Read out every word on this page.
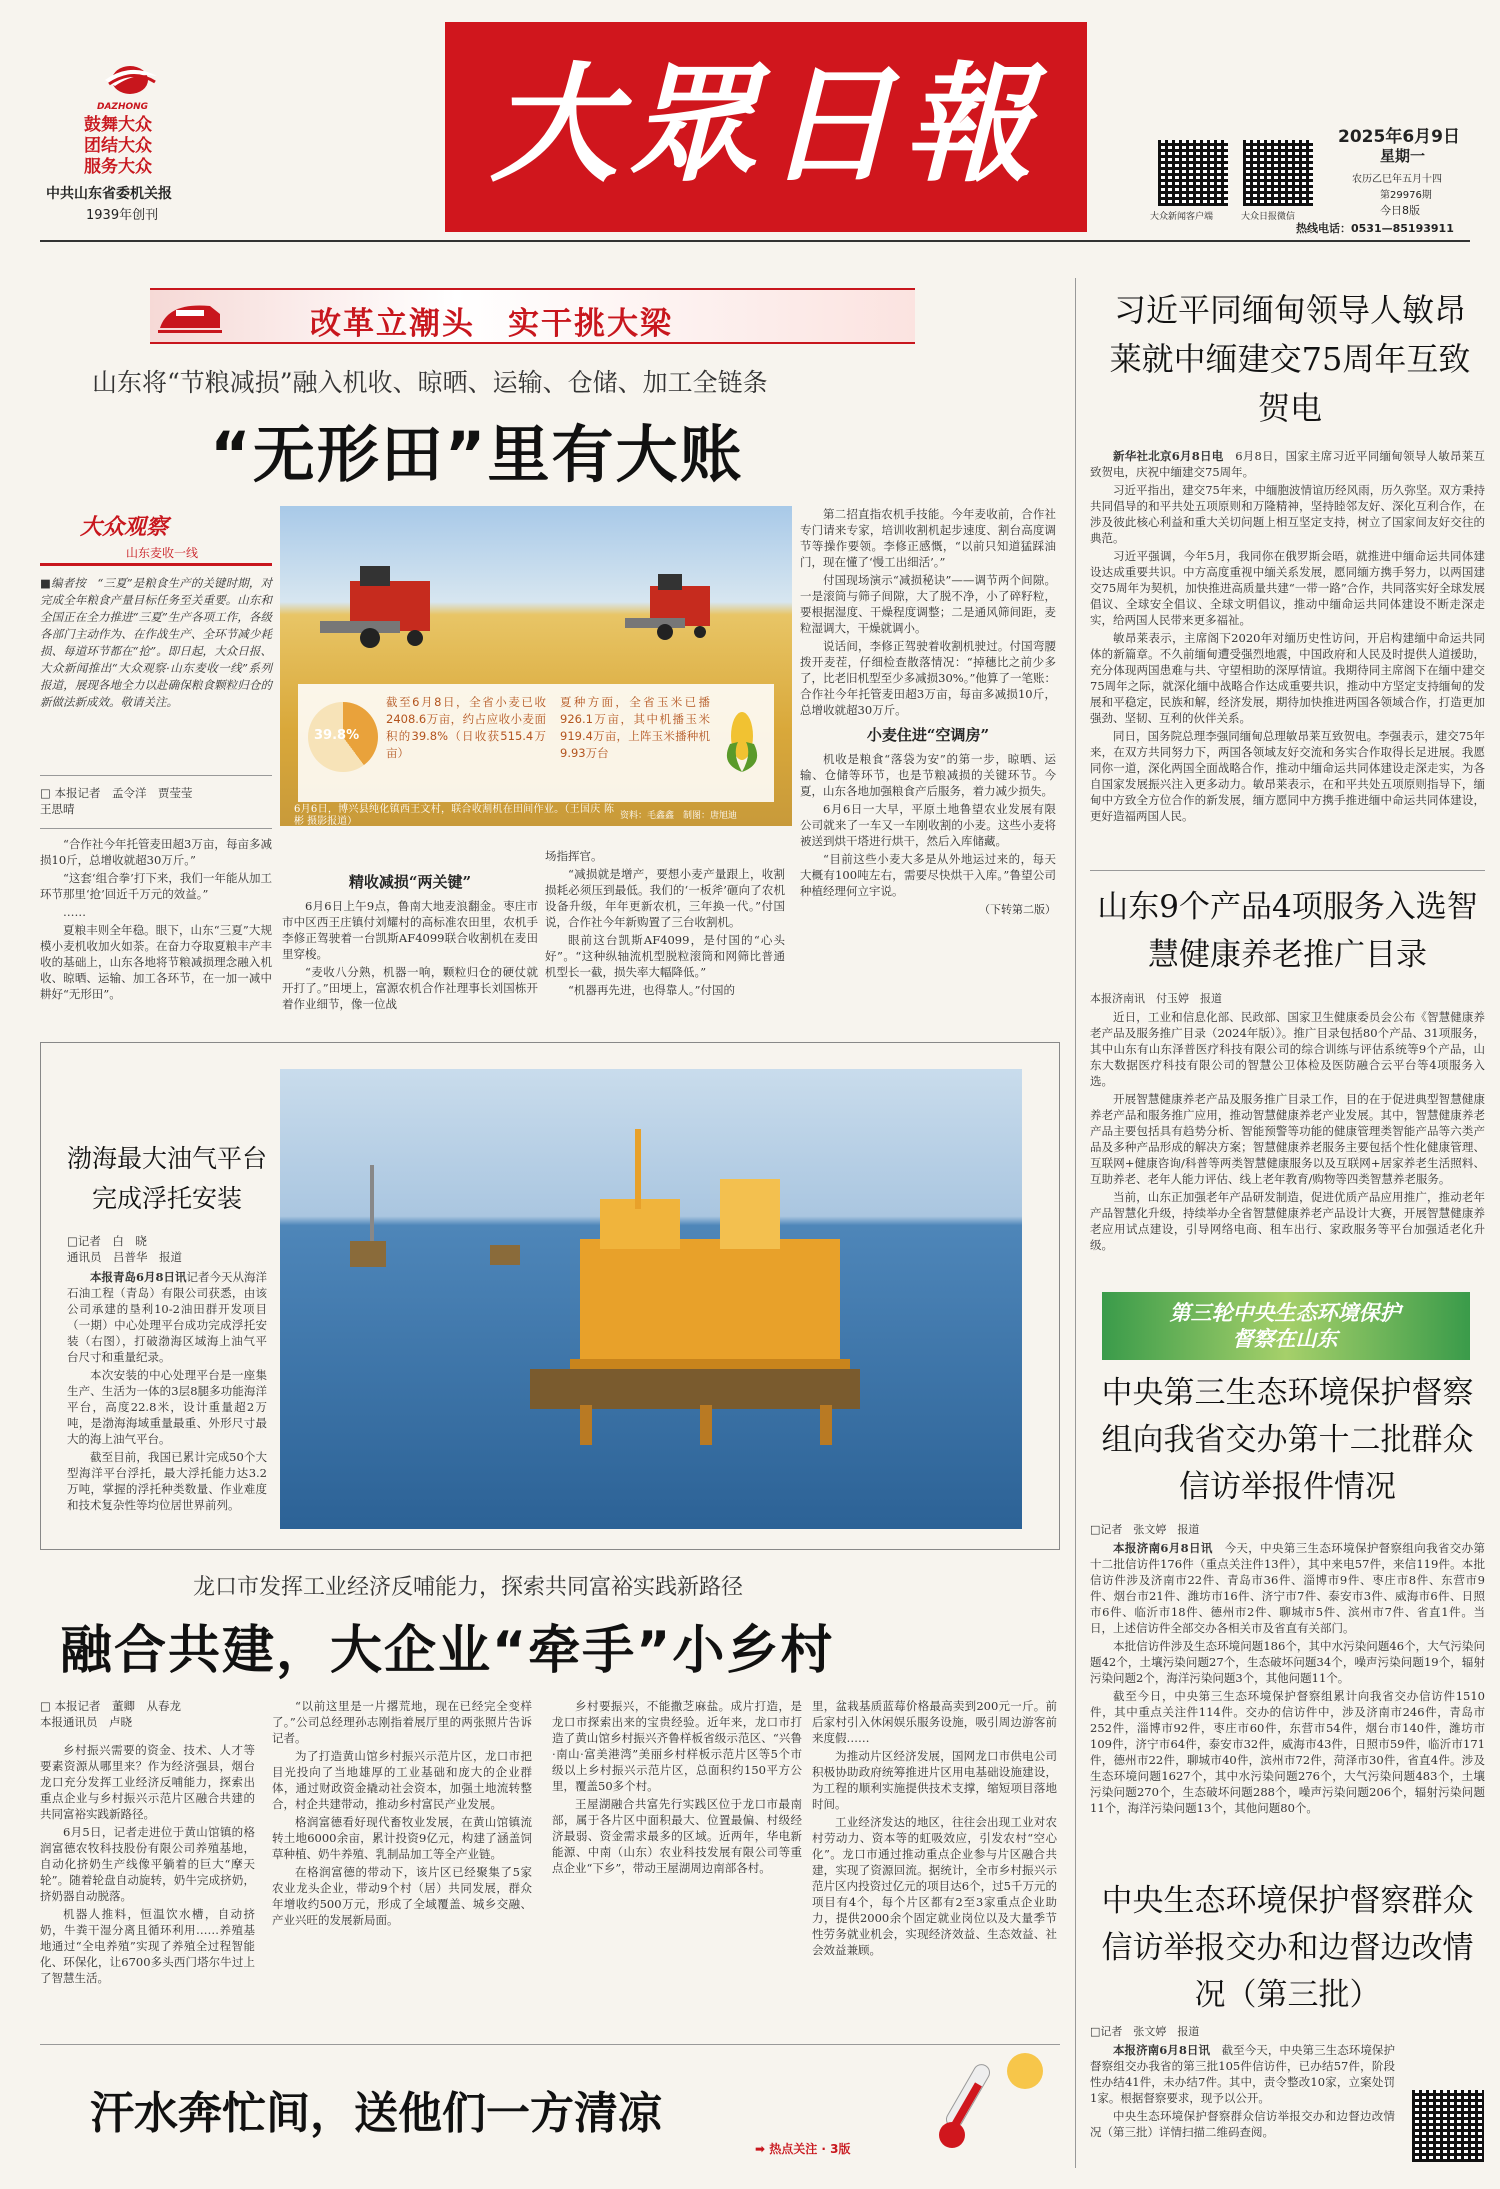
DAZHONG
鼓舞大众
团结大众
服务大众
中共山东省委机关报
1939年创刊
大眾日報
大众新闻客户端	大众日报微信
2025年6月9日
星期一
农历乙巳年五月十四
第29976期
今日8版
热线电话：0531—85193911
改革立潮头　实干挑大梁
山东将“节粮减损”融入机收、晾晒、运输、仓储、加工全链条
“无形田”里有大账
大众观察
山东麦收一线
■编者按　“三夏”是粮食生产的关键时期，对完成全年粮食产量目标任务至关重要。山东和全国正在全力推进“三夏”生产各项工作，各级各部门主动作为、在作战生产、全环节减少耗损、每道环节都在“抢”。即日起，大众日报、大众新闻推出“大众观察·山东麦收一线”系列报道，展现各地全力以赴确保粮食颗粒归仓的新做法新成效。敬请关注。
□ 本报记者　孟令洋　贾莹莹
王思晴
39.8%
截至6月8日，全省小麦已收2408.6万亩，约占应收小麦面积的39.8%（日收获515.4万亩）
夏种方面，全省玉米已播926.1万亩，其中机播玉米919.4万亩，上阵玉米播种机9.93万台
6月6日，博兴县纯化镇西王文村，联合收割机在田间作业。（王国庆 陈彬 摄影报道）	资料：毛鑫鑫　制图：唐旭迪

“合作社今年托管麦田超3万亩，每亩多减损10斤，总增收就超30万斤。”

“这套‘组合拳’打下来，我们一年能从加工环节那里‘抢’回近千万元的效益。”

……

夏粮丰则全年稳。眼下，山东“三夏”大规模小麦机收加火如荼。在奋力夺取夏粮丰产丰收的基础上，山东各地将节粮减损理念融入机收、晾晒、运输、加工各环节，在一加一减中耕好“无形田”。

精收减损“两关键”

6月6日上午9点，鲁南大地麦浪翻金。枣庄市市中区西王庄镇付刘耀村的高标准农田里，农机手李修正驾驶着一台凯斯AF4099联合收割机在麦田里穿梭。

“麦收八分熟，机器一响，颗粒归仓的硬仗就开打了。”田埂上，富源农机合作社理事长刘国栋开着作业细节，像一位战

场指挥官。

“减损就是增产，要想小麦产量跟上，收割损耗必须压到最低。我们的‘一板斧’砸向了农机设备升级，年年更新农机，三年换一代。”付国说，合作社今年新购置了三台收割机。

眼前这台凯斯AF4099，是付国的“心头好”。“这种纵轴流机型脱粒滚筒和网筛比普通机型长一截，损失率大幅降低。”

“机器再先进，也得靠人。”付国的

第二招直指农机手技能。今年麦收前，合作社专门请来专家，培训收割机起步速度、割台高度调节等操作要领。李修正感慨，“以前只知道猛踩油门，现在懂了‘慢工出细活’。”

付国现场演示“减损秘诀”——调节两个间隙。一是滚筒与筛子间隙，大了脱不净，小了碎籽粒，要根据湿度、干燥程度调整；二是通风筛间距，麦粒湿调大，干燥就调小。

说话间，李修正驾驶着收割机驶过。付国弯腰拨开麦茬，仔细检查散落情况：“掉穗比之前少多了，比老旧机型至少多减损30%。”他算了一笔账：合作社今年托管麦田超3万亩，每亩多减损10斤，总增收就超30万斤。

小麦住进“空调房”

机收是粮食“落袋为安”的第一步，晾晒、运输、仓储等环节，也是节粮减损的关键环节。今夏，山东各地加强粮食产后服务，着力减少损失。

6月6日一大早，平原土地鲁望农业发展有限公司就来了一车又一车刚收割的小麦。这些小麦将被送到烘干塔进行烘干，然后入库储藏。

“目前这些小麦大多是从外地运过来的，每天大概有100吨左右，需要尽快烘干入库。”鲁望公司种植经理何立宇说。

（下转第二版）
渤海最大油气平台完成浮托安装
□记者　白　晓
通讯员　吕普华　报道

本报青岛6月8日讯记者今天从海洋石油工程（青岛）有限公司获悉，由该公司承建的垦利10-2油田群开发项目（一期）中心处理平台成功完成浮托安装（右图），打破渤海区域海上油气平台尺寸和重量纪录。

本次安装的中心处理平台是一座集生产、生活为一体的3层8腿多功能海洋平台，高度22.8米，设计重量超2万吨，是渤海海域重量最重、外形尺寸最大的海上油气平台。

截至目前，我国已累计完成50个大型海洋平台浮托，最大浮托能力达3.2万吨，掌握的浮托种类数量、作业难度和技术复杂性等均位居世界前列。

龙口市发挥工业经济反哺能力，探索共同富裕实践新路径
融合共建，大企业“牵手”小乡村
□ 本报记者　董卿　从春龙
本报通讯员　卢晓

乡村振兴需要的资金、技术、人才等要素资源从哪里来？作为经济强县，烟台龙口充分发挥工业经济反哺能力，探索出重点企业与乡村振兴示范片区融合共建的共同富裕实践新路径。

6月5日，记者走进位于黄山馆镇的格润富德农牧科技股份有限公司养殖基地，自动化挤奶生产线像平躺着的巨大“摩天轮”。随着轮盘自动旋转，奶牛完成挤奶，挤奶器自动脱落。

机器人推料，恒温饮水槽，自动挤奶，牛粪干湿分离且循环利用……养殖基地通过“全电养殖”实现了养殖全过程智能化、环保化，让6700多头西门塔尔牛过上了智慧生活。

“以前这里是一片撂荒地，现在已经完全变样了。”公司总经理孙志刚指着展厅里的两张照片告诉记者。

为了打造黄山馆乡村振兴示范片区，龙口市把目光投向了当地雄厚的工业基础和庞大的企业群体，通过财政资金撬动社会资本，加强土地流转整合，村企共建带动，推动乡村富民产业发展。

格润富德看好现代畜牧业发展，在黄山馆镇流转土地6000余亩，累计投资9亿元，构建了涵盖饲草种植、奶牛养殖、乳制品加工等全产业链。

在格润富德的带动下，该片区已经聚集了5家农业龙头企业，带动9个村（居）共同发展，群众年增收约500万元，形成了全域覆盖、城乡交融、产业兴旺的发展新局面。

乡村要振兴，不能撒芝麻盐。成片打造，是龙口市探索出来的宝贵经验。近年来，龙口市打造了黄山馆乡村振兴齐鲁样板省级示范区、“兴鲁·南山·富美港湾”美丽乡村样板示范片区等5个市级以上乡村振兴示范片区，总面积约150平方公里，覆盖50多个村。

王屋湖融合共富先行实践区位于龙口市最南部，属于各片区中面积最大、位置最偏、村级经济最弱、资金需求最多的区域。近两年，华电新能源、中南（山东）农业科技发展有限公司等重点企业“下乡”，带动王屋湖周边南部各村。

里，盆栽基质蓝莓价格最高卖到200元一斤。前后家村引入休闲娱乐服务设施，吸引周边游客前来度假……

为推动片区经济发展，国网龙口市供电公司积极协助政府统筹推进片区用电基础设施建设，为工程的顺利实施提供技术支撑，缩短项目落地时间。

工业经济发达的地区，往往会出现工业对农村劳动力、资本等的虹吸效应，引发农村“空心化”。龙口市通过推动重点企业参与片区融合共建，实现了资源回流。据统计，全市乡村振兴示范片区内投资过亿元的项目达6个，过5千万元的项目有4个，每个片区都有2至3家重点企业助力，提供2000余个固定就业岗位以及大量季节性劳务就业机会，实现经济效益、生态效益、社会效益兼顾。

汗水奔忙间，送他们一方清凉
➡ 热点关注 · 3版
习近平同缅甸领导人敏昂莱就中缅建交75周年互致贺电

新华社北京6月8日电　 6月8日，国家主席习近平同缅甸领导人敏昂莱互致贺电，庆祝中缅建交75周年。

习近平指出，建交75年来，中缅胞波情谊历经风雨，历久弥坚。双方秉持共同倡导的和平共处五项原则和万隆精神，坚持睦邻友好、深化互利合作，在涉及彼此核心利益和重大关切问题上相互坚定支持，树立了国家间友好交往的典范。

习近平强调，今年5月，我同你在俄罗斯会晤，就推进中缅命运共同体建设达成重要共识。中方高度重视中缅关系发展，愿同缅方携手努力，以两国建交75周年为契机，加快推进高质量共建“一带一路”合作，共同落实好全球发展倡议、全球安全倡议、全球文明倡议，推动中缅命运共同体建设不断走深走实，给两国人民带来更多福祉。

敏昂莱表示，主席阁下2020年对缅历史性访问，开启构建缅中命运共同体的新篇章。不久前缅甸遭受强烈地震，中国政府和人民及时提供人道援助，充分体现两国患难与共、守望相助的深厚情谊。我期待同主席阁下在缅中建交75周年之际，就深化缅中战略合作达成重要共识，推动中方坚定支持缅甸的发展和平稳定，民族和解，经济发展，期待加快推进两国各领域合作，打造更加强劲、坚韧、互利的伙伴关系。

同日，国务院总理李强同缅甸总理敏昂莱互致贺电。李强表示，建交75年来，在双方共同努力下，两国各领域友好交流和务实合作取得长足进展。我愿同你一道，深化两国全面战略合作，推动中缅命运共同体建设走深走实，为各自国家发展振兴注入更多动力。敏昂莱表示，在和平共处五项原则指导下，缅甸中方致全方位合作的新发展，缅方愿同中方携手推进缅中命运共同体建设，更好造福两国人民。

山东9个产品4项服务入选智慧健康养老推广目录
本报济南讯　付玉婷　报道

近日，工业和信息化部、民政部、国家卫生健康委员会公布《智慧健康养老产品及服务推广目录（2024年版）》。推广目录包括80个产品、31项服务，其中山东有山东泽普医疗科技有限公司的综合训练与评估系统等9个产品，山东大数据医疗科技有限公司的智慧公卫体检及医防融合云平台等4项服务入选。

开展智慧健康养老产品及服务推广目录工作，目的在于促进典型智慧健康养老产品和服务推广应用，推动智慧健康养老产业发展。其中，智慧健康养老产品主要包括具有趋势分析、智能预警等功能的健康管理类智能产品等六类产品及多种产品形成的解决方案；智慧健康养老服务主要包括个性化健康管理、互联网+健康咨询/科普等两类智慧健康服务以及互联网+居家养老生活照料、互助养老、老年人能力评估、线上老年教育/购物等四类智慧养老服务。

当前，山东正加强老年产品研发制造，促进优质产品应用推广，推动老年产品智慧化升级，持续举办全省智慧健康养老产品设计大赛，开展智慧健康养老应用试点建设，引导网络电商、租车出行、家政服务等平台加强适老化升级。

第三轮中央生态环境保护督察在山东
中央第三生态环境保护督察组向我省交办第十二批群众信访举报件情况
□记者　张文婷　报道

本报济南6月8日讯　 今天，中央第三生态环境保护督察组向我省交办第十二批信访件176件（重点关注件13件），其中来电57件，来信119件。本批信访件涉及济南市22件、青岛市36件、淄博市9件、枣庄市8件、东营市9件、烟台市21件、潍坊市16件、济宁市7件、泰安市3件、威海市6件、日照市6件、临沂市18件、德州市2件、聊城市5件、滨州市7件、省直1件。当日，上述信访件全部交办各相关市及省直有关部门。

本批信访件涉及生态环境问题186个，其中水污染问题46个，大气污染问题42个，土壤污染问题27个，生态破坏问题34个，噪声污染问题19个，辐射污染问题2个，海洋污染问题3个，其他问题11个。

截至今日，中央第三生态环境保护督察组累计向我省交办信访件1510件，其中重点关注件114件。交办的信访件中，涉及济南市246件，青岛市252件，淄博市92件，枣庄市60件，东营市54件，烟台市140件，潍坊市109件，济宁市64件，泰安市32件，威海市43件，日照市59件，临沂市171件，德州市22件，聊城市40件，滨州市72件，菏泽市30件，省直4件。涉及生态环境问题1627个，其中水污染问题276个，大气污染问题483个，土壤污染问题270个，生态破坏问题288个，噪声污染问题206个，辐射污染问题11个，海洋污染问题13个，其他问题80个。

中央生态环境保护督察群众信访举报交办和边督边改情况（第三批）
□记者　张文婷　报道

本报济南6月8日讯　 截至今天，中央第三生态环境保护督察组交办我省的第三批105件信访件，已办结57件，阶段性办结41件，未办结7件。其中，责令整改10家，立案处罚1家。根据督察要求，现予以公开。

中央生态环境保护督察群众信访举报交办和边督边改情况（第三批）详情扫描二维码查阅。
